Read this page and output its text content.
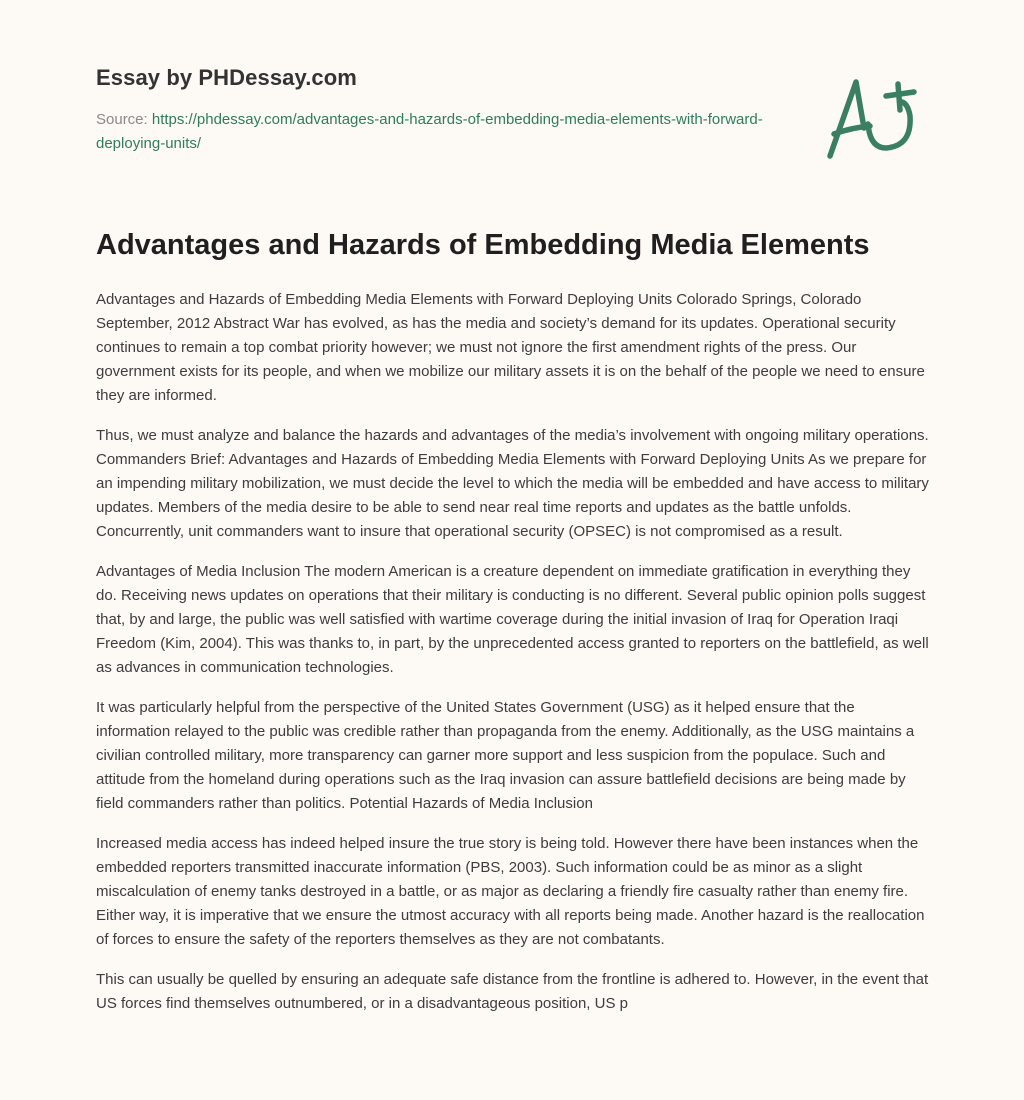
Essay by PHDessay.com
Source: https://phdessay.com/advantages-and-hazards-of-embedding-media-elements-with-forward-deploying-units/
Advantages and Hazards of Embedding Media Elements

Advantages and Hazards of Embedding Media Elements with Forward Deploying Units Colorado Springs, Colorado September, 2012 Abstract War has evolved, as has the media and society’s demand for its updates. Operational security continues to remain a top combat priority however; we must not ignore the first amendment rights of the press. Our government exists for its people, and when we mobilize our military assets it is on the behalf of the people we need to ensure they are informed.

Thus, we must analyze and balance the hazards and advantages of the media’s involvement with ongoing military operations. Commanders Brief: Advantages and Hazards of Embedding Media Elements with Forward Deploying Units As we prepare for an impending military mobilization, we must decide the level to which the media will be embedded and have access to military updates. Members of the media desire to be able to send near real time reports and updates as the battle unfolds. Concurrently, unit commanders want to insure that operational security (OPSEC) is not compromised as a result.

Advantages of Media Inclusion The modern American is a creature dependent on immediate gratification in everything they do. Receiving news updates on operations that their military is conducting is no different. Several public opinion polls suggest that, by and large, the public was well satisfied with wartime coverage during the initial invasion of Iraq for Operation Iraqi Freedom (Kim, 2004). This was thanks to, in part, by the unprecedented access granted to reporters on the battlefield, as well as advances in communication technologies.

It was particularly helpful from the perspective of the United States Government (USG) as it helped ensure that the information relayed to the public was credible rather than propaganda from the enemy. Additionally, as the USG maintains a civilian controlled military, more transparency can garner more support and less suspicion from the populace. Such and attitude from the homeland during operations such as the Iraq invasion can assure battlefield decisions are being made by field commanders rather than politics. Potential Hazards of Media Inclusion

Increased media access has indeed helped insure the true story is being told. However there have been instances when the embedded reporters transmitted inaccurate information (PBS, 2003). Such information could be as minor as a slight miscalculation of enemy tanks destroyed in a battle, or as major as declaring a friendly fire casualty rather than enemy fire. Either way, it is imperative that we ensure the utmost accuracy with all reports being made. Another hazard is the reallocation of forces to ensure the safety of the reporters themselves as they are not combatants.

This can usually be quelled by ensuring an adequate safe distance from the frontline is adhered to. However, in the event that US forces find themselves outnumbered, or in a disadvantageous position, US p
